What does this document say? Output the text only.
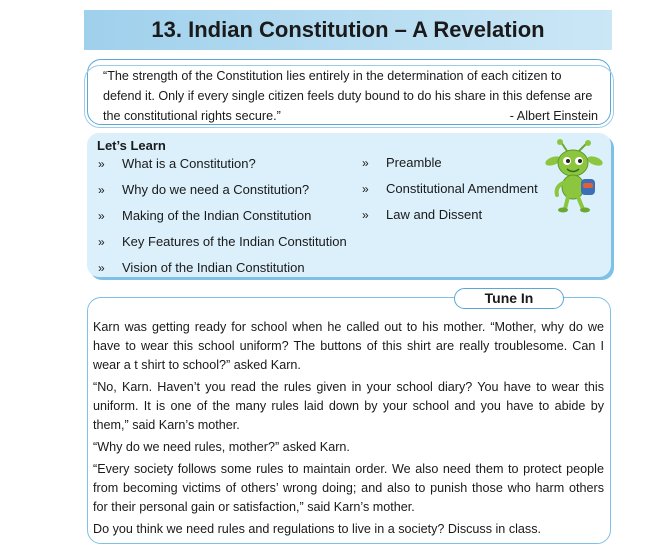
13. Indian Constitution – A Revelation
“The strength of the Constitution lies entirely in the determination of each citizen to
defend it. Only if every single citizen feels duty bound to do his share in this defense are
the constitutional rights secure.”	- Albert Einstein
Let’s Learn
»	What is a Constitution?
»	Why do we need a Constitution?
»	Making of the Indian Constitution
»	Key Features of the Indian Constitution
»	Vision of the Indian Constitution
»	Preamble
»	Constitutional Amendment
»	Law and Dissent
Tune In

Karn was getting ready for school when he called out to his mother. “Mother, why do we have to wear this school uniform? The buttons of this shirt are really troublesome. Can I wear a t shirt to school?” asked Karn.

“No, Karn. Haven’t you read the rules given in your school diary? You have to wear this uniform. It is one of the many rules laid down by your school and you have to abide by them,” said Karn’s mother.

“Why do we need rules, mother?” asked Karn.

“Every society follows some rules to maintain order. We also need them to protect people from becoming victims of others’ wrong doing; and also to punish those who harm others for their personal gain or satisfaction,” said Karn’s mother.

Do you think we need rules and regulations to live in a society? Discuss in class.
